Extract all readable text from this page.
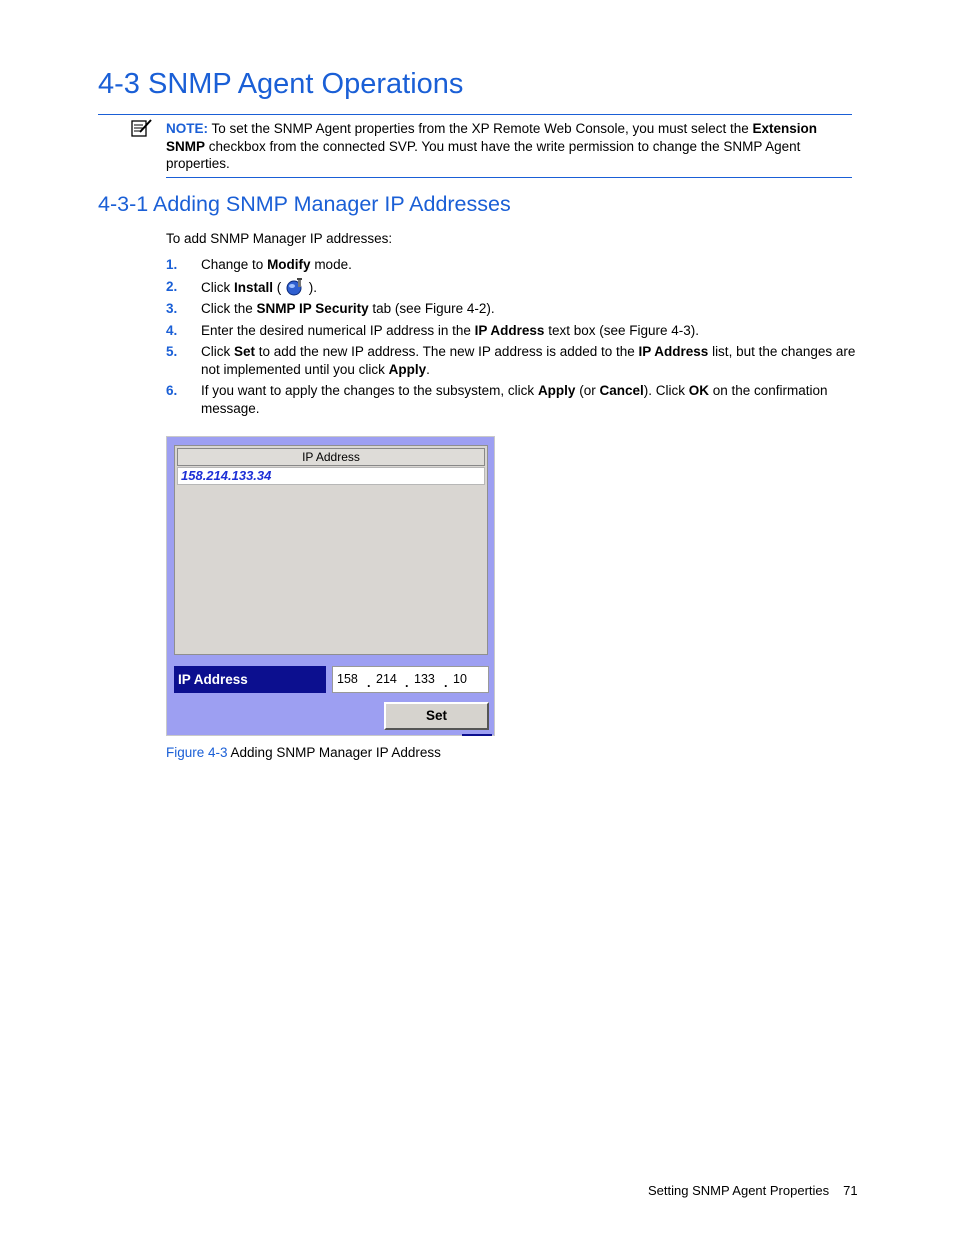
4-3 SNMP Agent Operations
NOTE: To set the SNMP Agent properties from the XP Remote Web Console, you must select the Extension SNMP checkbox from the connected SVP. You must have the write permission to change the SNMP Agent properties.
4-3-1 Adding SNMP Manager IP Addresses
To add SNMP Manager IP addresses:
1.	Change to Modify mode.
2.	Click Install (  ).
3.	Click the SNMP IP Security tab (see Figure 4-2).
4.	Enter the desired numerical IP address in the IP Address text box (see Figure 4-3).
5.	Click Set to add the new IP address. The new IP address is added to the IP Address list, but the changes are not implemented until you click Apply.
6.	If you want to apply the changes to the subsystem, click Apply (or Cancel). Click OK on the confirmation message.
IP Address
158.214.133.34
IP Address	158 . 214 . 133 . 10
Set
Figure 4-3 Adding SNMP Manager IP Address
Setting SNMP Agent Properties 71
